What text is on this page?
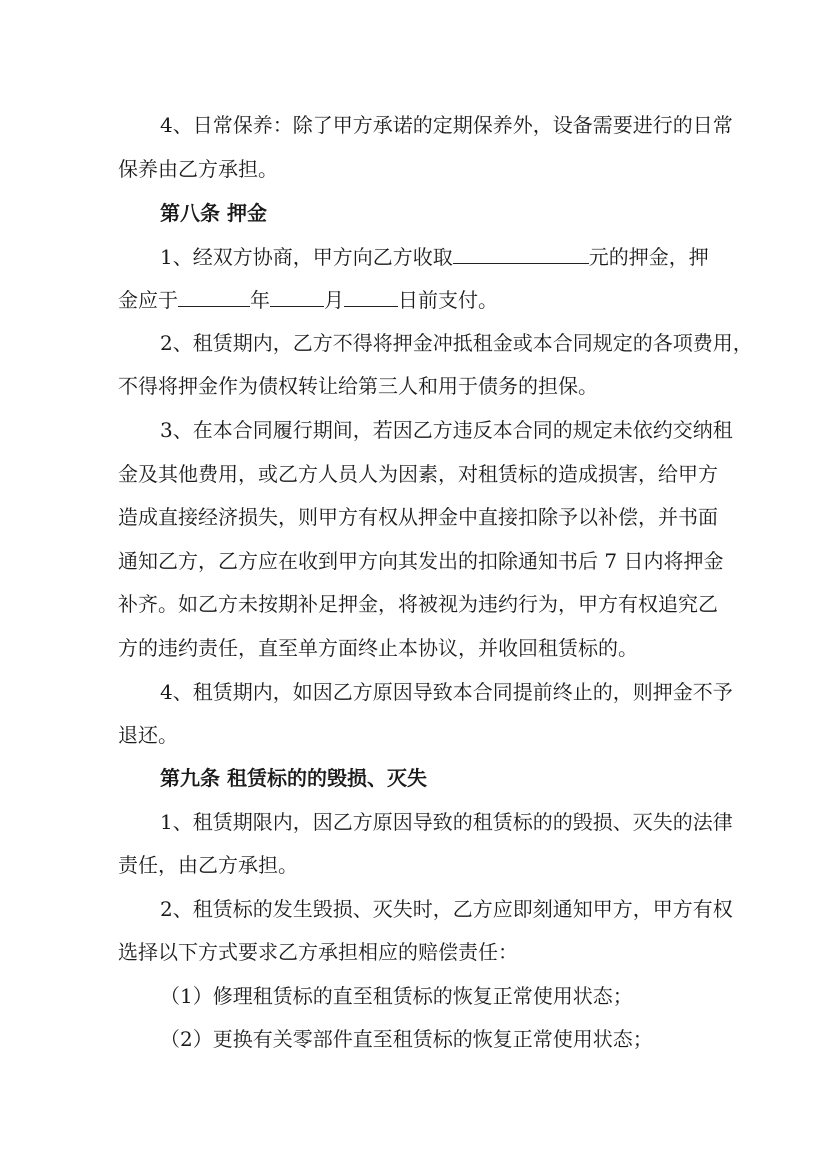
4、日常保养：除了甲方承诺的定期保养外，设备需要进行的日常
保养由乙方承担。
第八条 押金
1、经双方协商，甲方向乙方收取	元的押金，押
金应于	年	月	日前支付。
2、租赁期内，乙方不得将押金冲抵租金或本合同规定的各项费用，
不得将押金作为债权转让给第三人和用于债务的担保。
3、在本合同履行期间，若因乙方违反本合同的规定未依约交纳租
金及其他费用，或乙方人员人为因素，对租赁标的造成损害，给甲方
造成直接经济损失，则甲方有权从押金中直接扣除予以补偿，并书面
通知乙方，乙方应在收到甲方向其发出的扣除通知书后 7 日内将押金
补齐。如乙方未按期补足押金，将被视为违约行为，甲方有权追究乙
方的违约责任，直至单方面终止本协议，并收回租赁标的。
4、租赁期内，如因乙方原因导致本合同提前终止的，则押金不予
退还。
第九条 租赁标的的毁损、灭失
1、租赁期限内，因乙方原因导致的租赁标的的毁损、灭失的法律
责任，由乙方承担。
2、租赁标的发生毁损、灭失时，乙方应即刻通知甲方，甲方有权
选择以下方式要求乙方承担相应的赔偿责任：
（1）修理租赁标的直至租赁标的恢复正常使用状态；
（2）更换有关零部件直至租赁标的恢复正常使用状态；
